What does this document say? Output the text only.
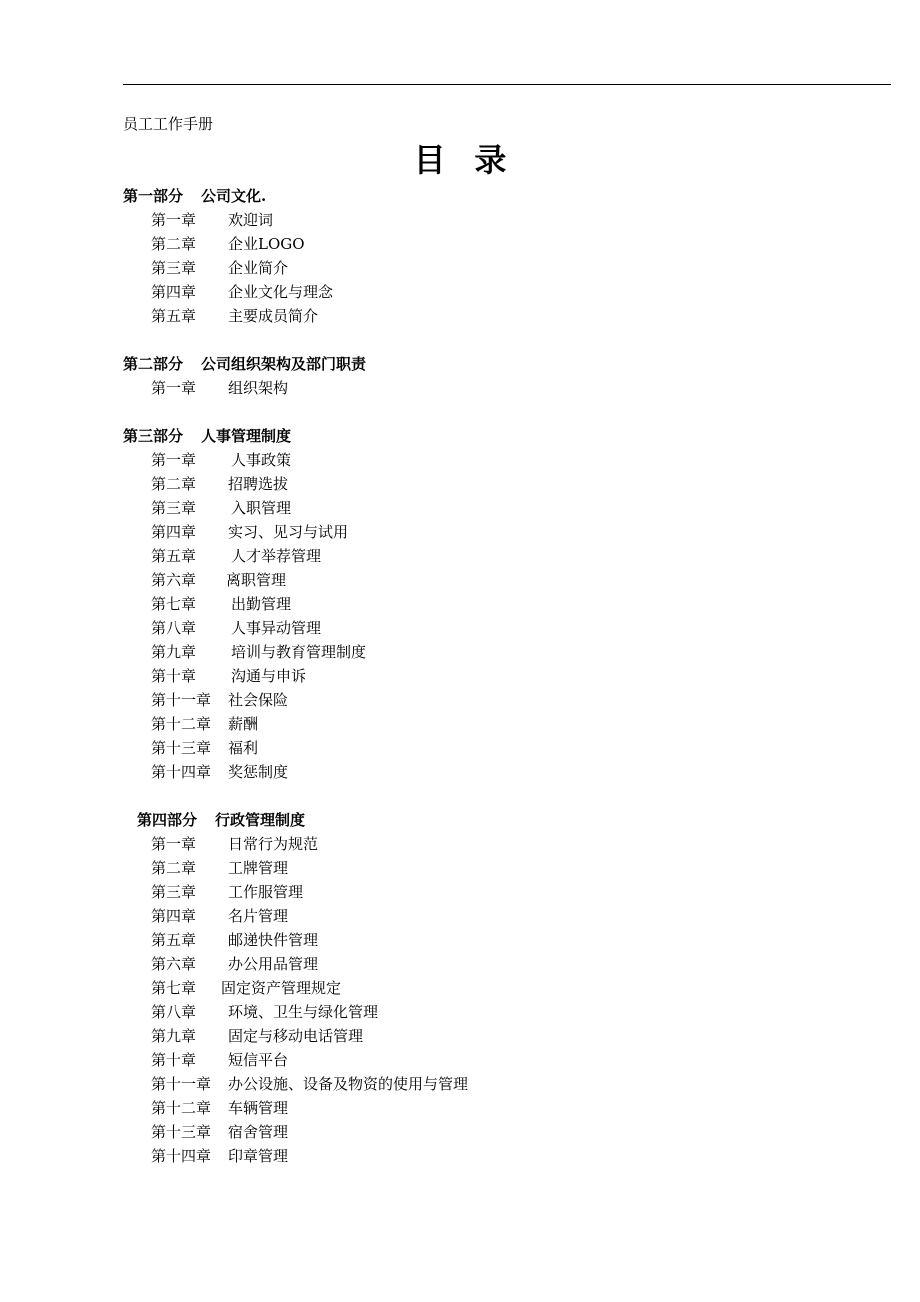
员工工作手册
目录
第一部分 公司文化.
第一章 欢迎词
第二章 企业LOGO
第三章 企业简介
第四章 企业文化与理念
第五章 主要成员简介
第二部分 公司组织架构及部门职责
第一章 组织架构
第三部分 人事管理制度
第一章 人事政策
第二章 招聘选拔
第三章 入职管理
第四章 实习、见习与试用
第五章 人才举荐管理
第六章 离职管理
第七章 出勤管理
第八章 人事异动管理
第九章 培训与教育管理制度
第十章 沟通与申诉
第十一章 社会保险
第十二章 薪酬
第十三章 福利
第十四章 奖惩制度
第四部分 行政管理制度
第一章 日常行为规范
第二章 工牌管理
第三章 工作服管理
第四章 名片管理
第五章 邮递快件管理
第六章 办公用品管理
第七章 固定资产管理规定
第八章 环境、卫生与绿化管理
第九章 固定与移动电话管理
第十章 短信平台
第十一章 办公设施、设备及物资的使用与管理
第十二章 车辆管理
第十三章 宿舍管理
第十四章 印章管理
